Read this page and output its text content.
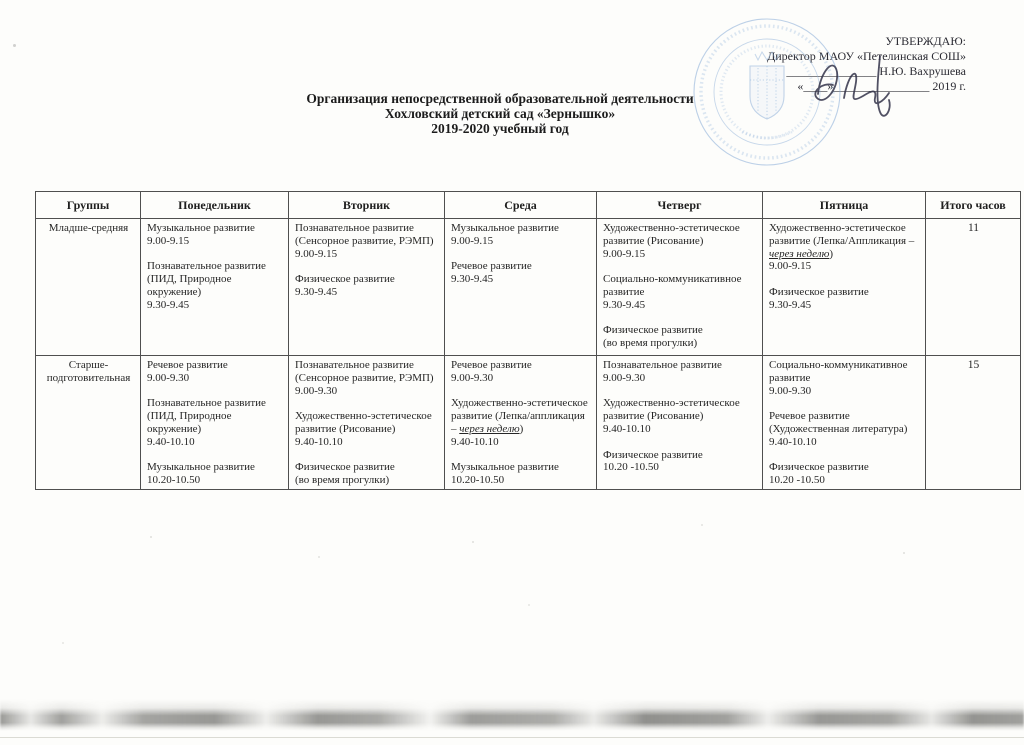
УТВЕРЖДАЮ:
Директор МАОУ «Петелинская СОШ»
_______________ Н.Ю. Вахрушева
«____»________________ 2019 г.
Организация непосредственной образовательной деятельности
Хохловский детский сад «Зернышко»
2019-2020 учебный год
Группы	Понедельник	Вторник	Среда	Четверг	Пятница	Итого часов
Младше-средняя	Музыкальное развитие
9.00-9.15

Познавательное развитие (ПИД, Природное окружение)
9.30-9.45	Познавательное развитие (Сенсорное развитие, РЭМП)
9.00-9.15

Физическое развитие
9.30-9.45	Музыкальное развитие
9.00-9.15

Речевое развитие
9.30-9.45	Художественно-эстетическое развитие (Рисование)
9.00-9.15

Социально-коммуникативное развитие
9.30-9.45

Физическое развитие
(во время прогулки)	Художественно-эстетическое развитие (Лепка/Аппликация – через неделю)
9.00-9.15

Физическое развитие
9.30-9.45	11
Старше-подготовительная	Речевое развитие
9.00-9.30

Познавательное развитие (ПИД, Природное окружение)
9.40-10.10

Музыкальное развитие
10.20-10.50	Познавательное развитие (Сенсорное развитие, РЭМП)
9.00-9.30

Художественно-эстетическое развитие (Рисование)
9.40-10.10

Физическое развитие
(во время прогулки)	Речевое развитие
9.00-9.30

Художественно-эстетическое развитие (Лепка/аппликация – через неделю)
9.40-10.10

Музыкальное развитие
10.20-10.50	Познавательное развитие
9.00-9.30

Художественно-эстетическое развитие (Рисование)
9.40-10.10

Физическое развитие
10.20 -10.50	Социально-коммуникативное развитие
9.00-9.30

Речевое развитие (Художественная литература)
9.40-10.10

Физическое развитие
10.20 -10.50	15
